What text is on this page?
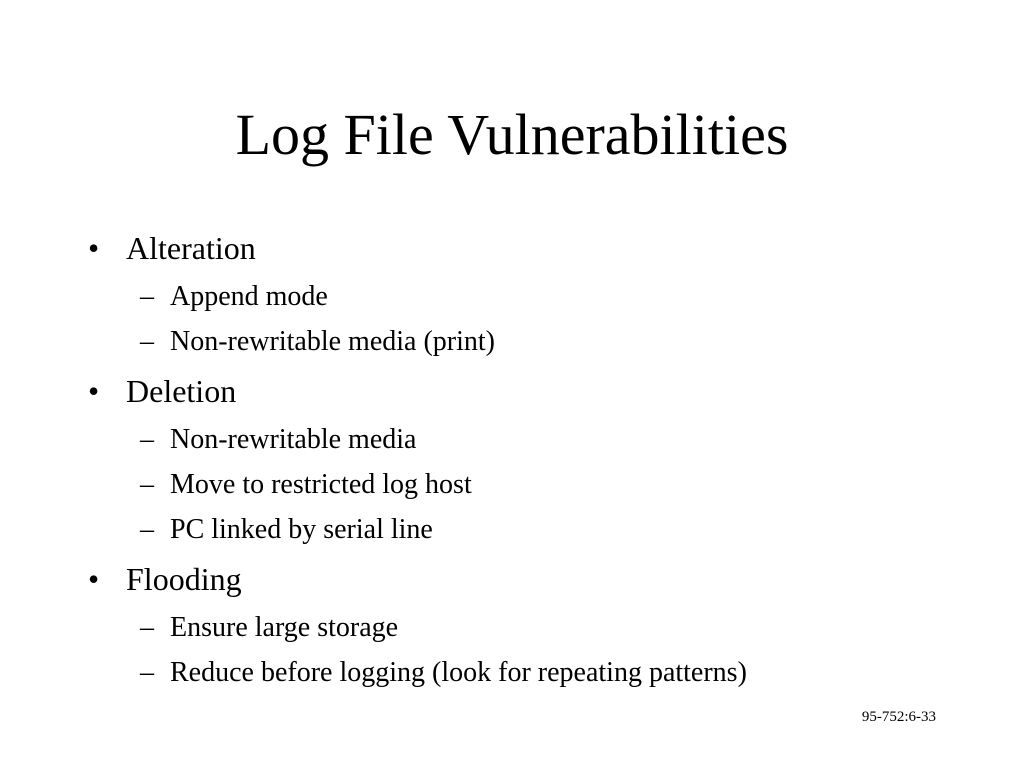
Log File Vulnerabilities
• Alteration
– Append mode
– Non-rewritable media (print)
• Deletion
– Non-rewritable media
– Move to restricted log host
– PC linked by serial line
• Flooding
– Ensure large storage
– Reduce before logging (look for repeating patterns)
95-752:6-33
